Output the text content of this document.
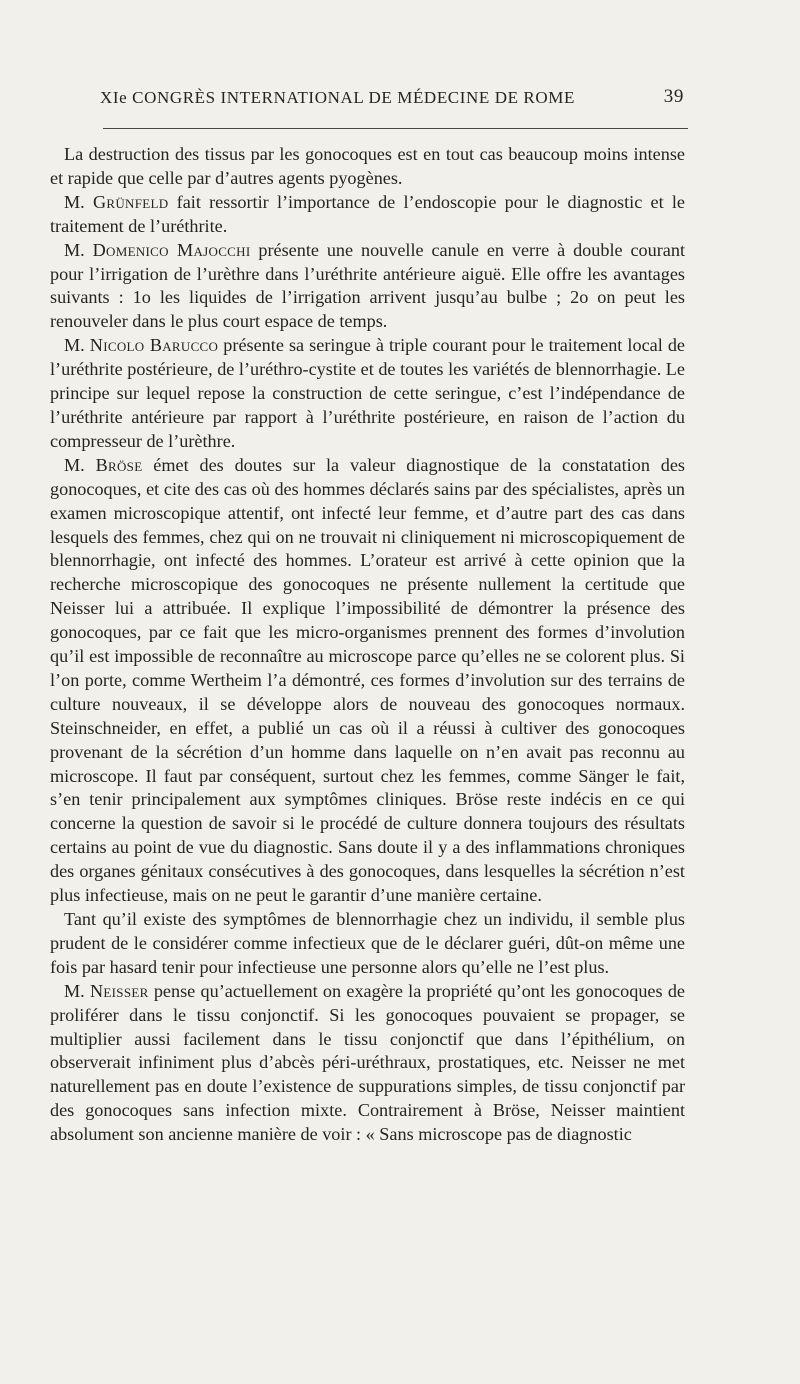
XIe CONGRÈS INTERNATIONAL DE MÉDECINE DE ROME	39

La destruction des tissus par les gonocoques est en tout cas beaucoup moins intense et rapide que celle par d’autres agents pyogènes.

M. Grünfeld fait ressortir l’importance de l’endoscopie pour le diagnostic et le traitement de l’uréthrite.

M. Domenico Majocchi présente une nouvelle canule en verre à double courant pour l’irrigation de l’urèthre dans l’uréthrite antérieure aiguë. Elle offre les avantages suivants : 1o les liquides de l’irrigation arrivent jusqu’au bulbe ; 2o on peut les renouveler dans le plus court espace de temps.

M. Nicolo Barucco présente sa seringue à triple courant pour le traitement local de l’uréthrite postérieure, de l’uréthro-cystite et de toutes les variétés de blennorrhagie. Le principe sur lequel repose la construction de cette seringue, c’est l’indépendance de l’uréthrite antérieure par rapport à l’uréthrite postérieure, en raison de l’action du compresseur de l’urèthre.

M. Bröse émet des doutes sur la valeur diagnostique de la constatation des gonocoques, et cite des cas où des hommes déclarés sains par des spécialistes, après un examen microscopique attentif, ont infecté leur femme, et d’autre part des cas dans lesquels des femmes, chez qui on ne trouvait ni cliniquement ni microscopiquement de blennorrhagie, ont infecté des hommes. L’orateur est arrivé à cette opinion que la recherche microscopique des gonocoques ne présente nullement la certitude que Neisser lui a attribuée. Il explique l’impossibilité de démontrer la présence des gonocoques, par ce fait que les micro-organismes prennent des formes d’involution qu’il est impossible de reconnaître au microscope parce qu’elles ne se colorent plus. Si l’on porte, comme Wertheim l’a démontré, ces formes d’involution sur des terrains de culture nouveaux, il se développe alors de nouveau des gonocoques normaux. Steinschneider, en effet, a publié un cas où il a réussi à cultiver des gonocoques provenant de la sécrétion d’un homme dans laquelle on n’en avait pas reconnu au microscope. Il faut par conséquent, surtout chez les femmes, comme Sänger le fait, s’en tenir principalement aux symptômes cliniques. Bröse reste indécis en ce qui concerne la question de savoir si le procédé de culture donnera toujours des résultats certains au point de vue du diagnostic. Sans doute il y a des inflammations chroniques des organes génitaux consécutives à des gonocoques, dans lesquelles la sécrétion n’est plus infectieuse, mais on ne peut le garantir d’une manière certaine.

Tant qu’il existe des symptômes de blennorrhagie chez un individu, il semble plus prudent de le considérer comme infectieux que de le déclarer guéri, dût-on même une fois par hasard tenir pour infectieuse une personne alors qu’elle ne l’est plus.

M. Neisser pense qu’actuellement on exagère la propriété qu’ont les gonocoques de proliférer dans le tissu conjonctif. Si les gonocoques pouvaient se propager, se multiplier aussi facilement dans le tissu conjonctif que dans l’épithélium, on observerait infiniment plus d’abcès péri-uréthraux, prostatiques, etc. Neisser ne met naturellement pas en doute l’existence de suppurations simples, de tissu conjonctif par des gonocoques sans infection mixte. Contrairement à Bröse, Neisser maintient absolument son ancienne manière de voir : « Sans microscope pas de diagnostic
